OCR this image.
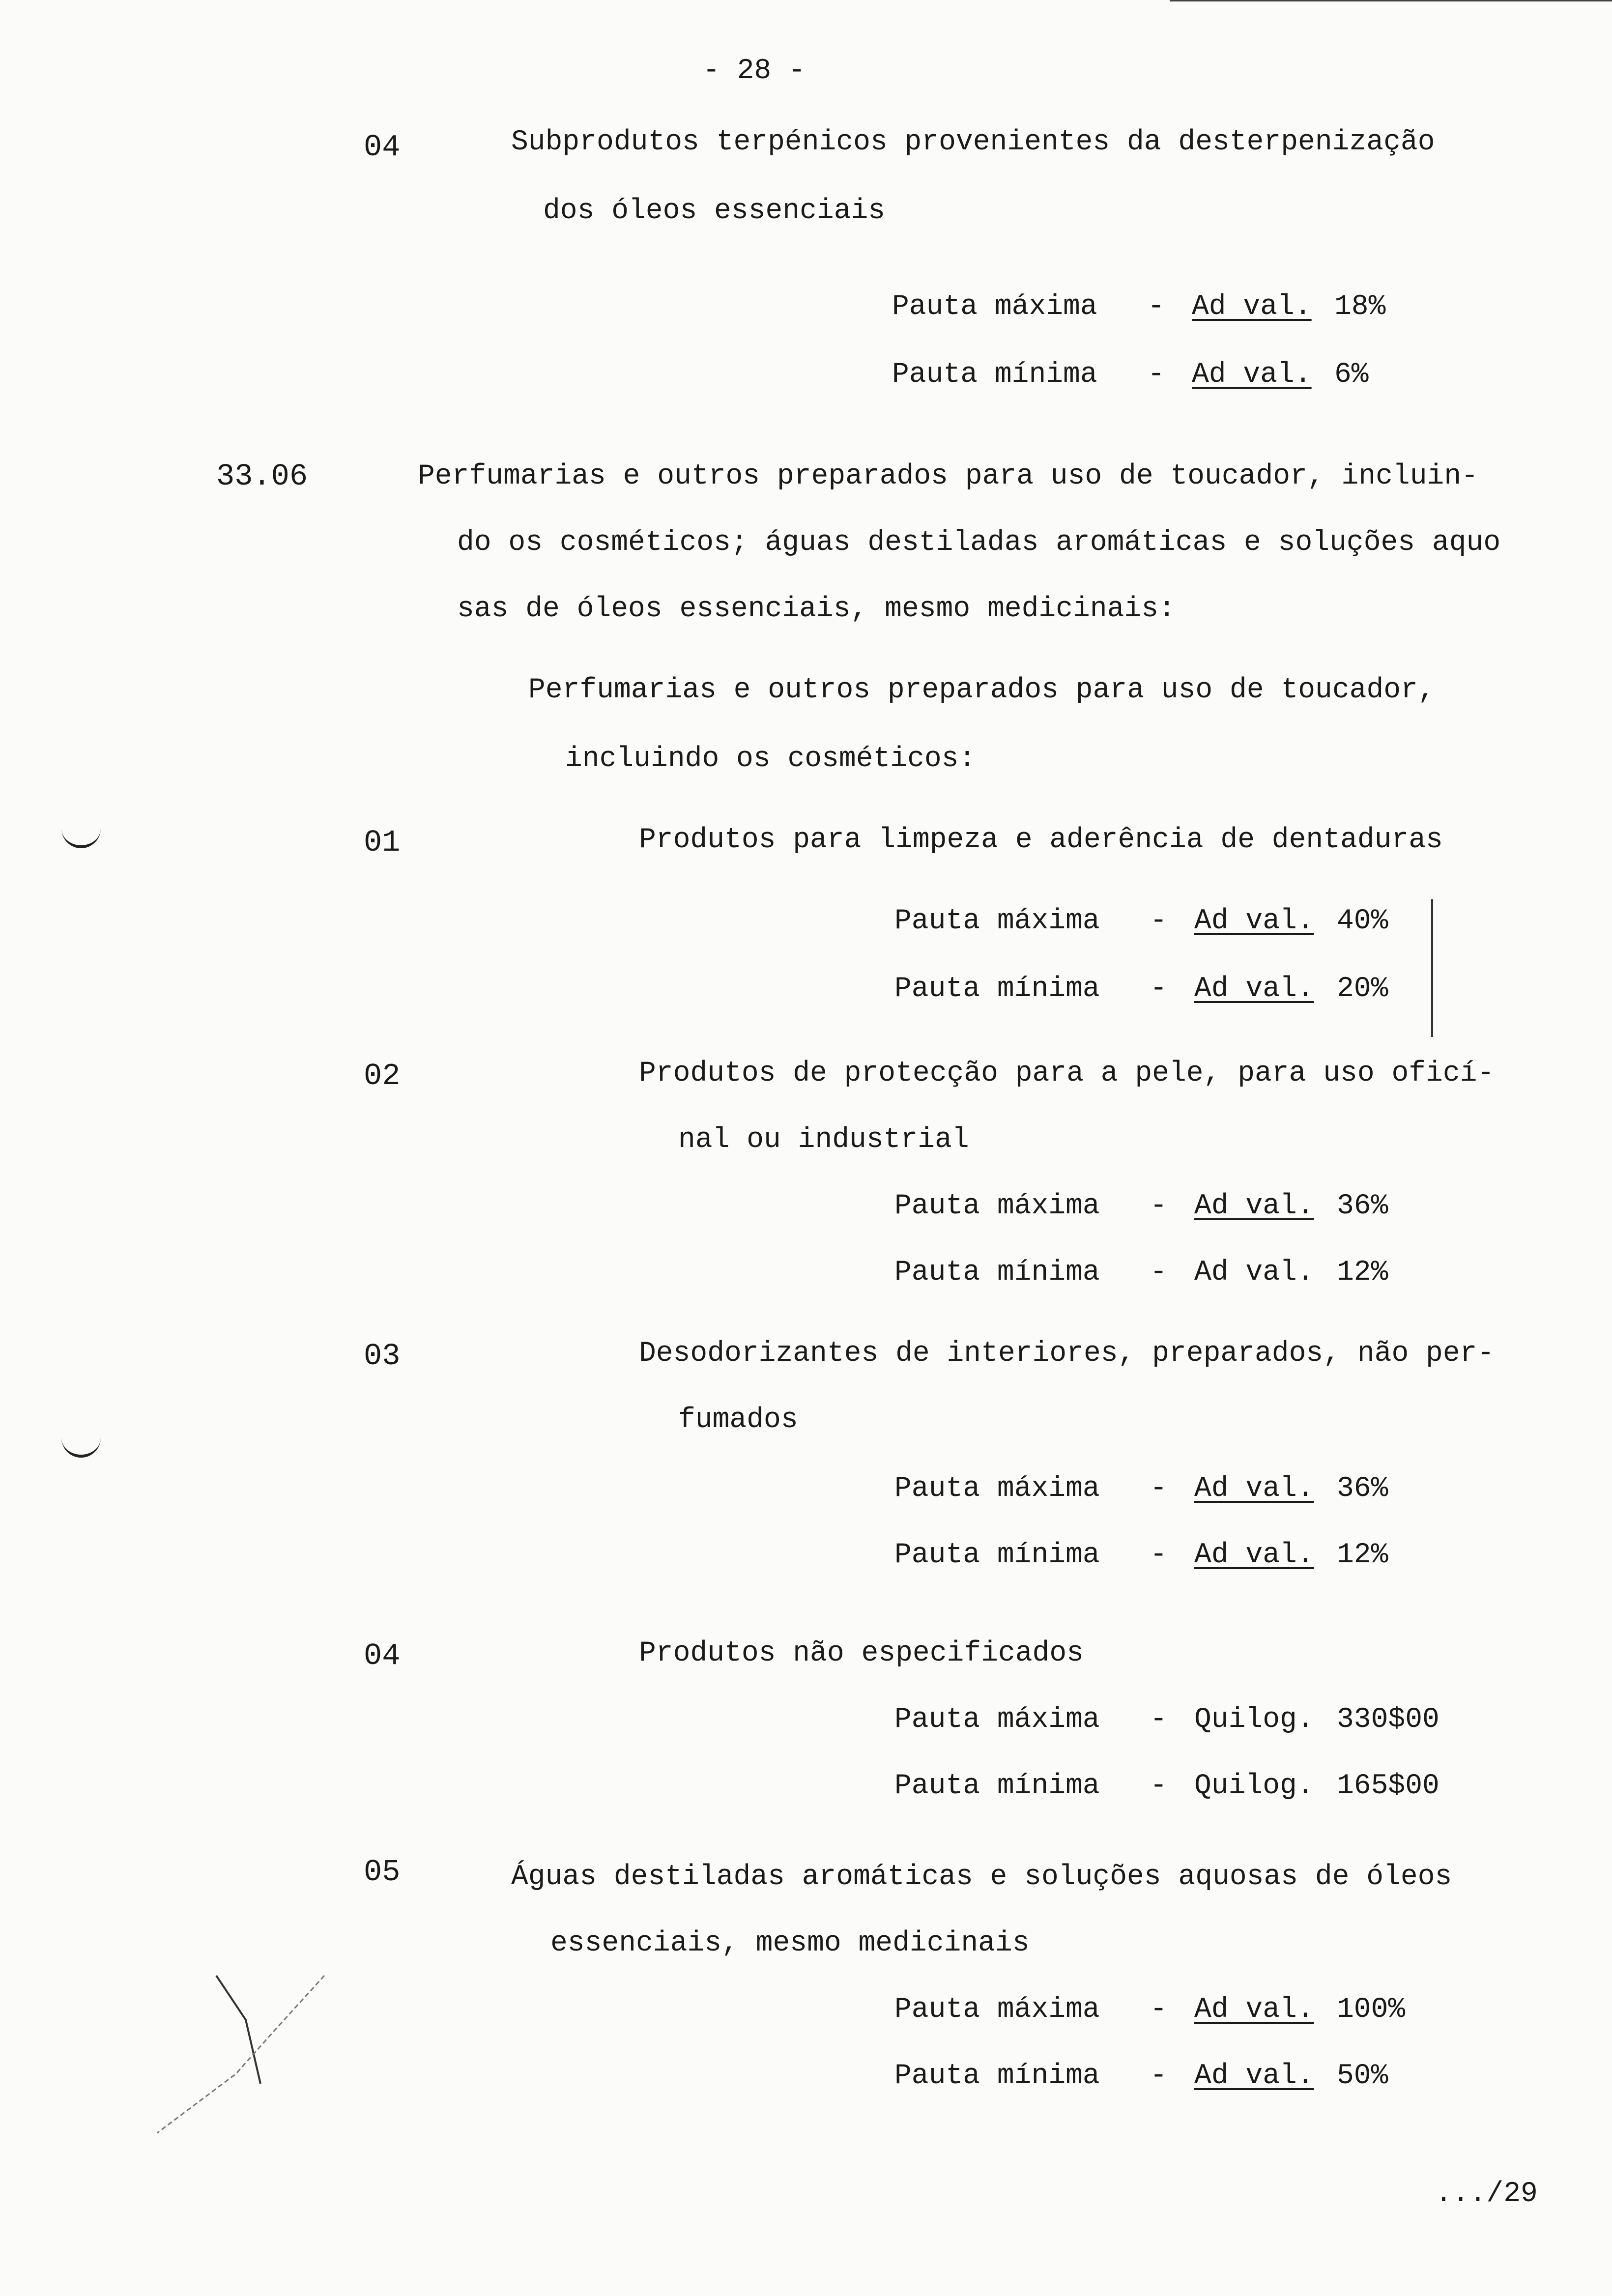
- 28 -
04	Subprodutos terpénicos provenientes da desterpenização
dos óleos essenciais
Pauta máxima - Ad val. 18%
Pauta mínima - Ad val. 6%
33.06	Perfumarias e outros preparados para uso de toucador, incluin-
do os cosméticos; águas destiladas aromáticas e soluções aquo
sas de óleos essenciais, mesmo medicinais:
Perfumarias e outros preparados para uso de toucador,
incluindo os cosméticos:
01	Produtos para limpeza e aderência de dentaduras
Pauta máxima - Ad val. 40%
Pauta mínima - Ad val. 20%
02	Produtos de protecção para a pele, para uso oficí-
nal ou industrial
Pauta máxima - Ad val. 36%
Pauta mínima - Ad val. 12%
03	Desodorizantes de interiores, preparados, não per-
fumados
Pauta máxima - Ad val. 36%
Pauta mínima - Ad val. 12%
04	Produtos não especificados
Pauta máxima - Quilog. 330$00
Pauta mínima - Quilog. 165$00
05	Águas destiladas aromáticas e soluções aquosas de óleos
essenciais, mesmo medicinais
Pauta máxima - Ad val. 100%
Pauta mínima - Ad val. 50%
.../29
